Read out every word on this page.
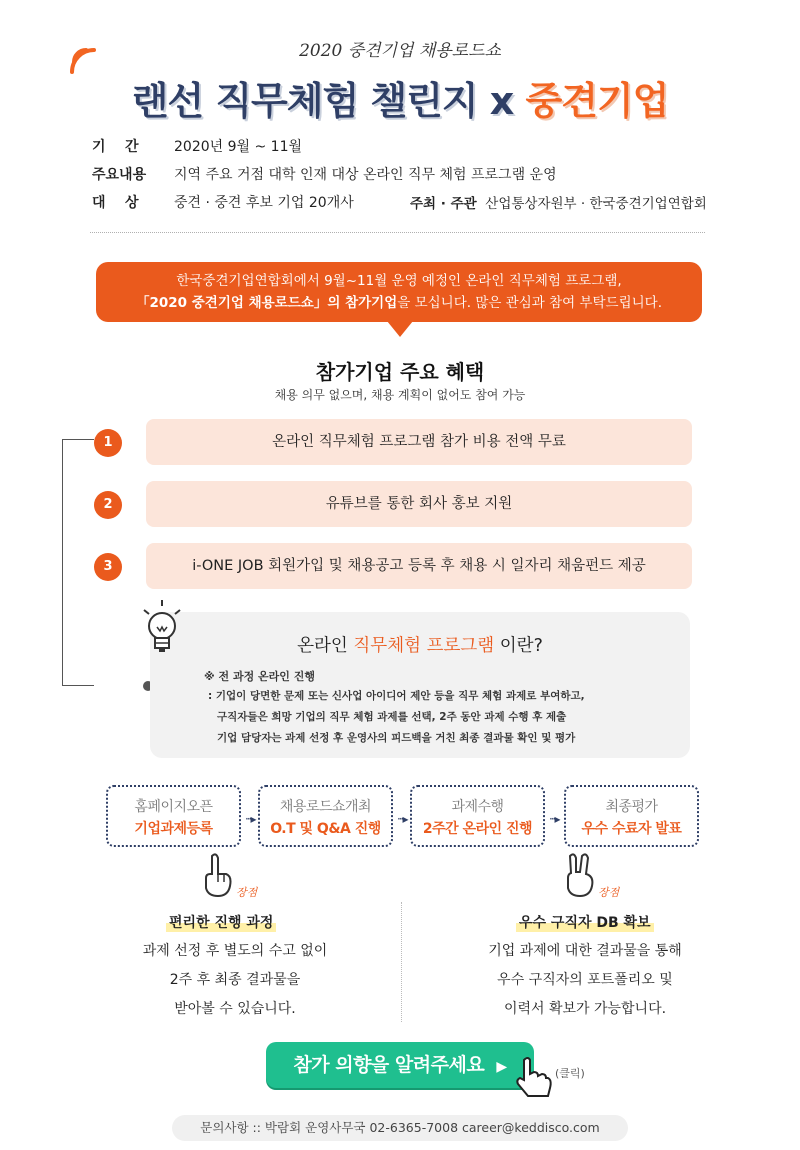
2020 중견기업 채용로드쇼
랜선 직무체험 챌린지 x 중견기업
기    간	2020년 9월 ~ 11월
주요내용 지역 주요 거점 대학 인재 대상 온라인 직무 체험 프로그램 운영
대    상	중견 · 중견 후보 기업 20개사	주최 · 주관 산업통상자원부 · 한국중견기업연합회
한국중견기업연합회에서 9월~11월 운영 예정인 온라인 직무체험 프로그램,
「2020 중견기업 채용로드쇼」의 참가기업을 모십니다. 많은 관심과 참여 부탁드립니다.
참가기업 주요 혜택
채용 의무 없으며, 채용 계획이 없어도 참여 가능
1	온라인 직무체험 프로그램 참가 비용 전액 무료
2	유튜브를 통한 회사 홍보 지원
3	i-ONE JOB 회원가입 및 채용공고 등록 후 채용 시 일자리 채움펀드 제공
온라인 직무체험 프로그램 이란?
※ 전 과정 온라인 진행
: 기업이 당면한 문제 또는 신사업 아이디어 제안 등을 직무 체험 과제로 부여하고,
구직자들은 희망 기업의 직무 체험 과제를 선택, 2주 동안 과제 수행 후 제출
기업 담당자는 과제 선정 후 운영사의 피드백을 거친 최종 결과물 확인 및 평가
홈페이지오픈
기업과제등록
···▸
채용로드쇼개최
O.T 및 Q&A 진행
···▸
과제수행
2주간 온라인 진행
···▸
최종평가
우수 수료자 발표
장점	장점
편리한 진행 과정
과제 선정 후 별도의 수고 없이
2주 후 최종 결과물을
받아볼 수 있습니다.
우수 구직자 DB 확보
기업 과제에 대한 결과물을 통해
우수 구직자의 포트폴리오 및
이력서 확보가 가능합니다.
참가 의향을 알려주세요 ▶	(클릭)
문의사항 :: 박람회 운영사무국 02-6365-7008 career@keddisco.com
